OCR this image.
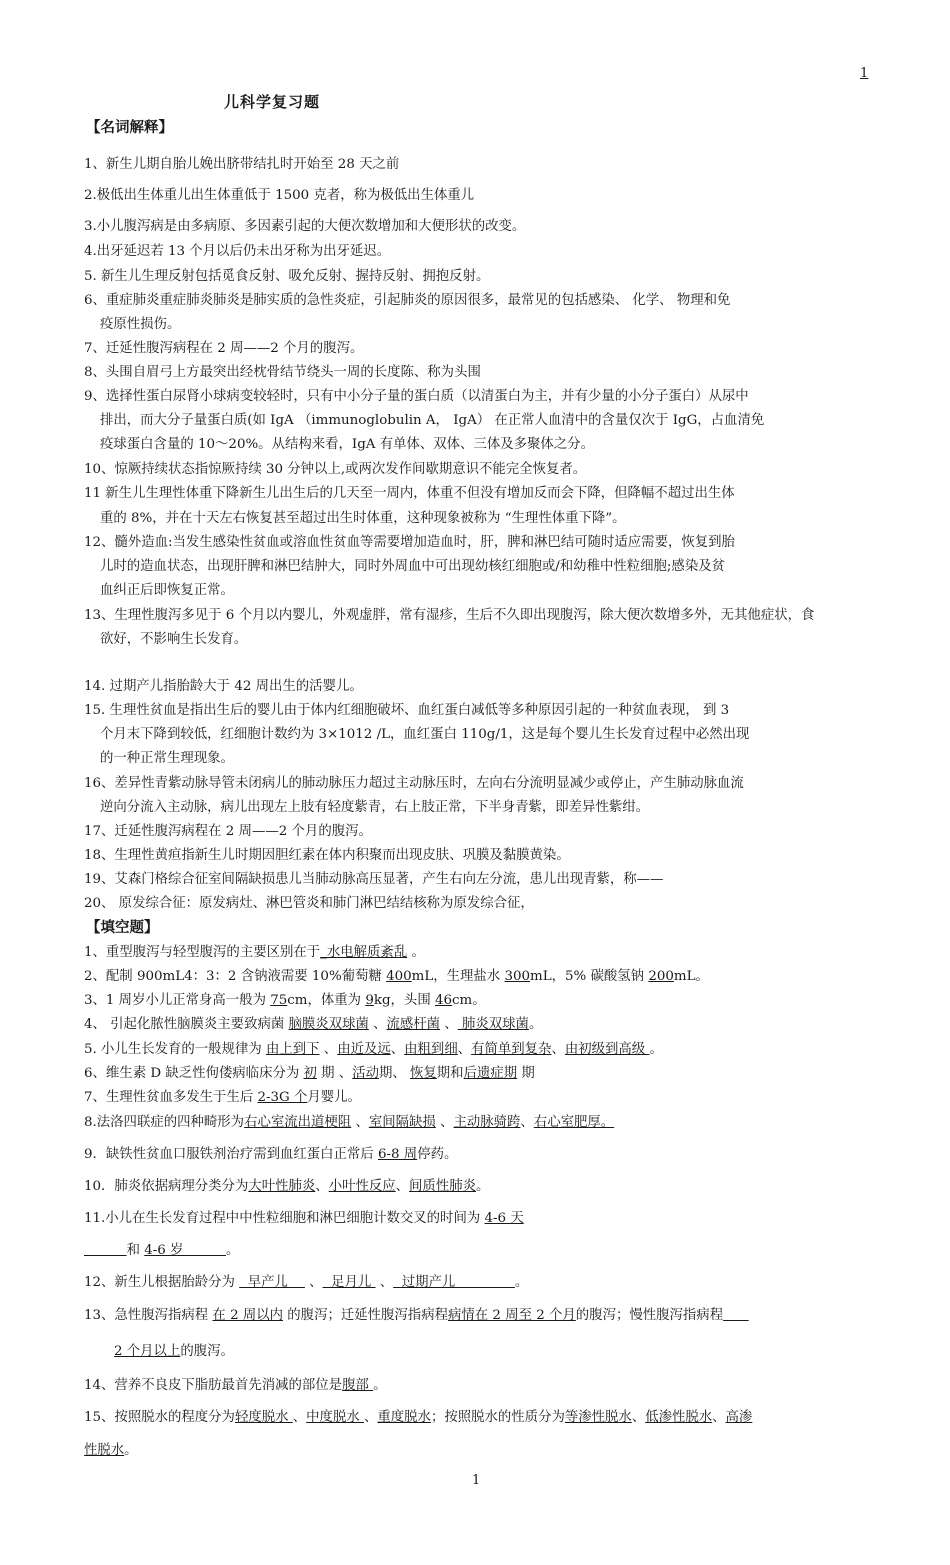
1
儿科学复习题
【名词解释】
1、新生儿期自胎儿娩出脐带结扎时开始至 28 天之前
2.极低出生体重儿出生体重低于 1500 克者，称为极低出生体重儿
3.小儿腹泻病是由多病原、多因素引起的大便次数增加和大便形状的改变。
4.出牙延迟若 13 个月以后仍未出牙称为出牙延迟。
5. 新生儿生理反射包括觅食反射、吸允反射、握持反射、拥抱反射。
6、重症肺炎重症肺炎肺炎是肺实质的急性炎症，引起肺炎的原因很多，最常见的包括感染、 化学、 物理和免
疫原性损伤。
7、迁延性腹泻病程在 2 周——2 个月的腹泻。
8、头围自眉弓上方最突出经枕骨结节绕头一周的长度陈、称为头围
9、选择性蛋白尿肾小球病变较轻时，只有中小分子量的蛋白质（以清蛋白为主，并有少量的小分子蛋白）从尿中
排出，而大分子量蛋白质(如 IgA （immunoglobulin A， IgA） 在正常人血清中的含量仅次于 IgG，占血清免
疫球蛋白含量的 10～20%。从结构来看，IgA 有单体、双体、三体及多聚体之分。
10、惊厥持续状态指惊厥持续 30 分钟以上,或两次发作间歇期意识不能完全恢复者。
11 新生儿生理性体重下降新生儿出生后的几天至一周内，体重不但没有增加反而会下降，但降幅不超过出生体
重的 8%，并在十天左右恢复甚至超过出生时体重，这种现象被称为 “生理性体重下降”。
12、髓外造血:当发生感染性贫血或溶血性贫血等需要增加造血时，肝，脾和淋巴结可随时适应需要，恢复到胎
儿时的造血状态，出现肝脾和淋巴结肿大，同时外周血中可出现幼核红细胞或/和幼稚中性粒细胞;感染及贫
血纠正后即恢复正常。
13、生理性腹泻多见于 6 个月以内婴儿，外观虚胖，常有湿疹，生后不久即出现腹泻，除大便次数增多外，无其他症状，食
欲好，不影响生长发育。
14. 过期产儿指胎龄大于 42 周出生的活婴儿。
15. 生理性贫血是指出生后的婴儿由于体内红细胞破坏、血红蛋白减低等多种原因引起的一种贫血表现， 到 3
个月末下降到较低，红细胞计数约为 3×1012 /L，血红蛋白 110g/1，这是每个婴儿生长发育过程中必然出现
的一种正常生理现象。
16、差异性青紫动脉导管未闭病儿的肺动脉压力超过主动脉压时，左向右分流明显减少或停止，产生肺动脉血流
逆向分流入主动脉，病儿出现左上肢有轻度紫青，右上肢正常，下半身青紫，即差异性紫绀。
17、迁延性腹泻病程在 2 周——2 个月的腹泻。
18、生理性黄疸指新生儿时期因胆红素在体内积聚而出现皮肤、巩膜及黏膜黄染。
19、艾森门格综合征室间隔缺损患儿当肺动脉高压显著，产生右向左分流，患儿出现青紫，称——
20、 原发综合征：原发病灶、淋巴管炎和肺门淋巴结结核称为原发综合征，
【填空题】
1、重型腹泻与轻型腹泻的主要区别在于_水电解质紊乱 。
2、配制 900mL4：3：2 含钠液需要 10%葡萄糖 400mL，生理盐水 300mL，5% 碳酸氢钠 200mL。
3、1 周岁小儿正常身高一般为 75cm，体重为 9kg，头围 46cm。
4、 引起化脓性脑膜炎主要致病菌 脑膜炎双球菌 、流感杆菌 、 肺炎双球菌。
5. 小儿生长发育的一般规律为 由上到下 、由近及远、由粗到细、有简单到复杂、由初级到高级 。
6、维生素 D 缺乏性佝偻病临床分为 初 期 、活动期、 恢复期和后遗症期 期
7、生理性贫血多发生于生后 2-3G 个月婴儿。
8.法洛四联症的四种畸形为右心室流出道梗阻 、室间隔缺损 、主动脉骑跨、右心室肥厚。
9．缺铁性贫血口服铁剂治疗需到血红蛋白正常后 6-8 周停药。
10．肺炎依据病理分类分为大叶性肺炎、小叶性反应、间质性肺炎。
11.小儿在生长发育过程中中性粒细胞和淋巴细胞计数交叉的时间为 4-6 天
和 4-6 岁          。
12、新生儿根据胎龄分为   早产儿     、  足月儿  、  过期产儿              。
13、急性腹泻指病程 在 2 周以内 的腹泻；迁延性腹泻指病程病情在 2 周至 2 个月的腹泻；慢性腹泻指病程
2 个月以上的腹泻。
14、营养不良皮下脂肪最首先消减的部位是腹部 。
15、按照脱水的程度分为轻度脱水 、中度脱水 、重度脱水；按照脱水的性质分为等渗性脱水、低渗性脱水、高渗
性脱水。
1
